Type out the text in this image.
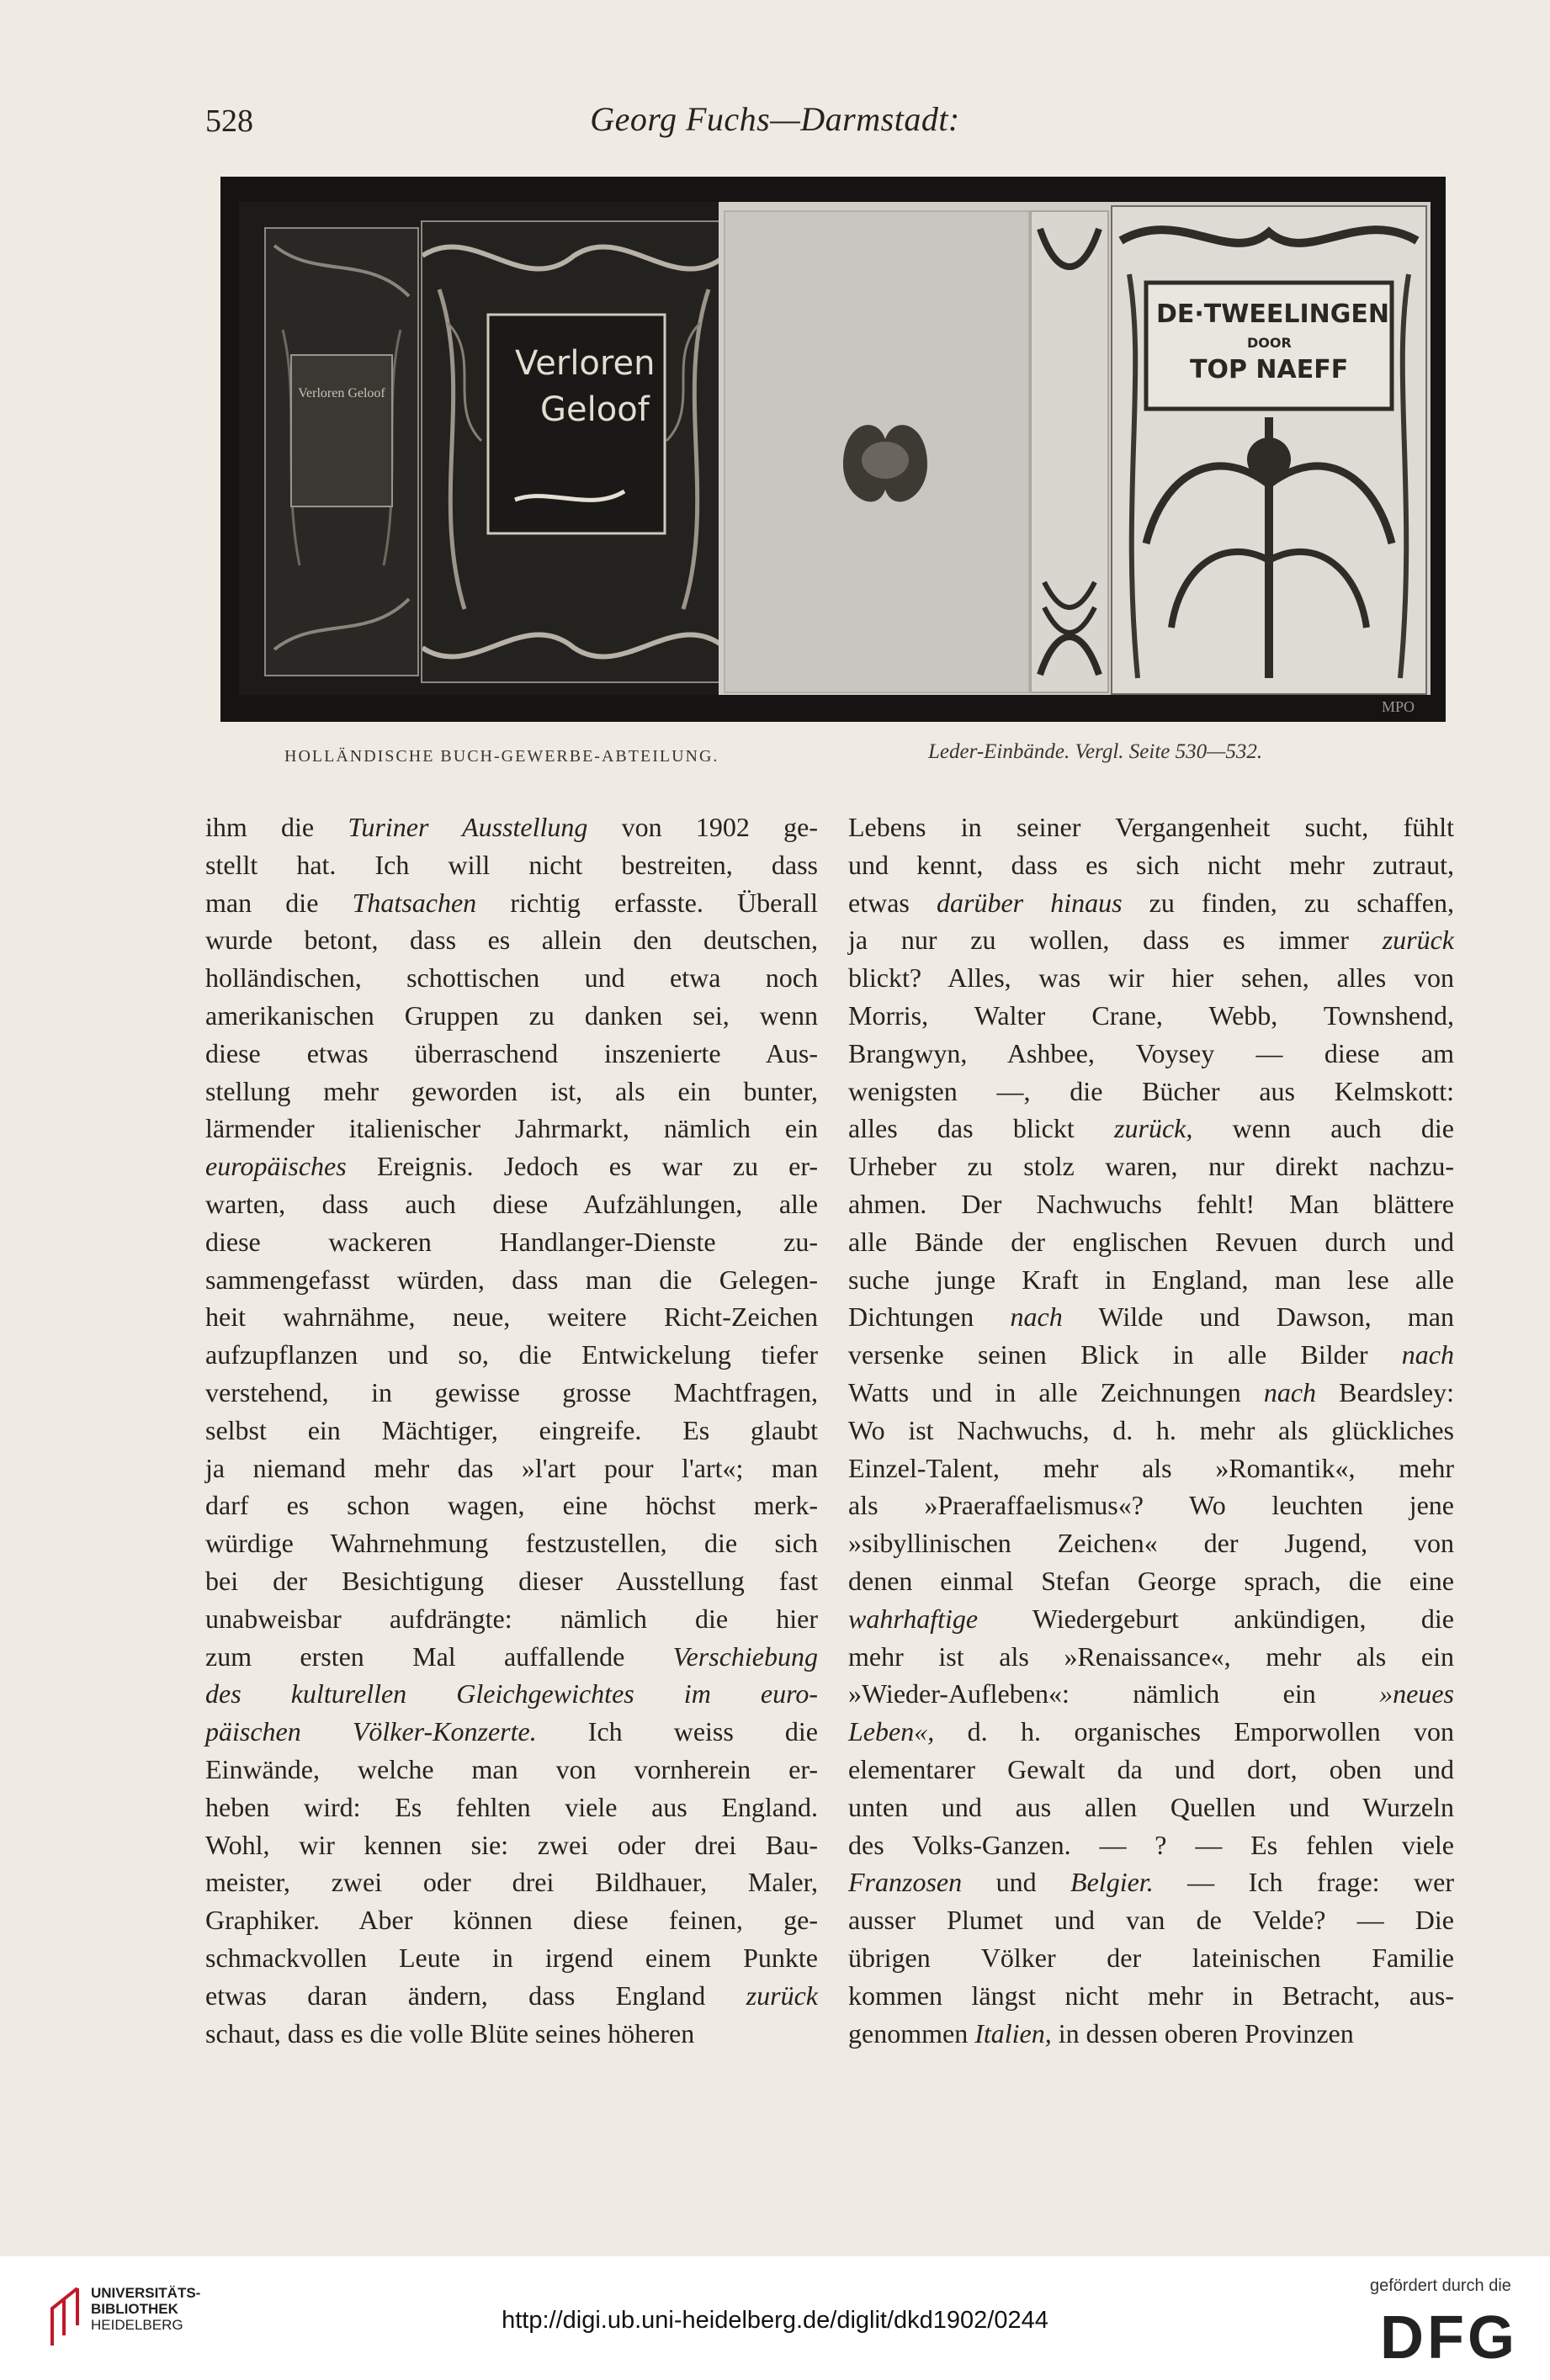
528	Georg Fuchs—Darmstadt:
Verloren Geloof
Verloren
Geloof
DE·TWEELINGEN
DOOR
TOP NAEFF
MPO
HOLLÄNDISCHE BUCH-GEWERBE-ABTEILUNG.	Leder-Einbände. Vergl. Seite 530—532.
ihm die Turiner Ausstellung von 1902 ge-
stellt hat. Ich will nicht bestreiten, dass
man die Thatsachen richtig erfasste. Überall
wurde betont, dass es allein den deutschen,
holländischen, schottischen und etwa noch
amerikanischen Gruppen zu danken sei, wenn
diese etwas überraschend inszenierte Aus-
stellung mehr geworden ist, als ein bunter,
lärmender italienischer Jahrmarkt, nämlich ein
europäisches Ereignis. Jedoch es war zu er-
warten, dass auch diese Aufzählungen, alle
diese wackeren Handlanger-Dienste zu-
sammengefasst würden, dass man die Gelegen-
heit wahrnähme, neue, weitere Richt-Zeichen
aufzupflanzen und so, die Entwickelung tiefer
verstehend, in gewisse grosse Machtfragen,
selbst ein Mächtiger, eingreife. Es glaubt
ja niemand mehr das »l'art pour l'art«; man
darf es schon wagen, eine höchst merk-
würdige Wahrnehmung festzustellen, die sich
bei der Besichtigung dieser Ausstellung fast
unabweisbar aufdrängte: nämlich die hier
zum ersten Mal auffallende Verschiebung
des kulturellen Gleichgewichtes im euro-
päischen Völker-Konzerte. Ich weiss die
Einwände, welche man von vornherein er-
heben wird: Es fehlten viele aus England.
Wohl, wir kennen sie: zwei oder drei Bau-
meister, zwei oder drei Bildhauer, Maler,
Graphiker. Aber können diese feinen, ge-
schmackvollen Leute in irgend einem Punkte
etwas daran ändern, dass England zurück
schaut, dass es die volle Blüte seines höheren
Lebens in seiner Vergangenheit sucht, fühlt
und kennt, dass es sich nicht mehr zutraut,
etwas darüber hinaus zu finden, zu schaffen,
ja nur zu wollen, dass es immer zurück
blickt? Alles, was wir hier sehen, alles von
Morris, Walter Crane, Webb, Townshend,
Brangwyn, Ashbee, Voysey — diese am
wenigsten —, die Bücher aus Kelmskott:
alles das blickt zurück, wenn auch die
Urheber zu stolz waren, nur direkt nachzu-
ahmen. Der Nachwuchs fehlt! Man blättere
alle Bände der englischen Revuen durch und
suche junge Kraft in England, man lese alle
Dichtungen nach Wilde und Dawson, man
versenke seinen Blick in alle Bilder nach
Watts und in alle Zeichnungen nach Beardsley:
Wo ist Nachwuchs, d. h. mehr als glückliches
Einzel-Talent, mehr als »Romantik«, mehr
als »Praeraffaelismus«? Wo leuchten jene
»sibyllinischen Zeichen« der Jugend, von
denen einmal Stefan George sprach, die eine
wahrhaftige Wiedergeburt ankündigen, die
mehr ist als »Renaissance«, mehr als ein
»Wieder-Aufleben«: nämlich ein »neues
Leben«, d. h. organisches Emporwollen von
elementarer Gewalt da und dort, oben und
unten und aus allen Quellen und Wurzeln
des Volks-Ganzen. — ? — Es fehlen viele
Franzosen und Belgier. — Ich frage: wer
ausser Plumet und van de Velde? — Die
übrigen Völker der lateinischen Familie
kommen längst nicht mehr in Betracht, aus-
genommen Italien, in dessen oberen Provinzen
UNIVERSITÄTS-
BIBLIOTHEK
HEIDELBERG	http://digi.ub.uni-heidelberg.de/diglit/dkd1902/0244
gefördert durch die
DFG
